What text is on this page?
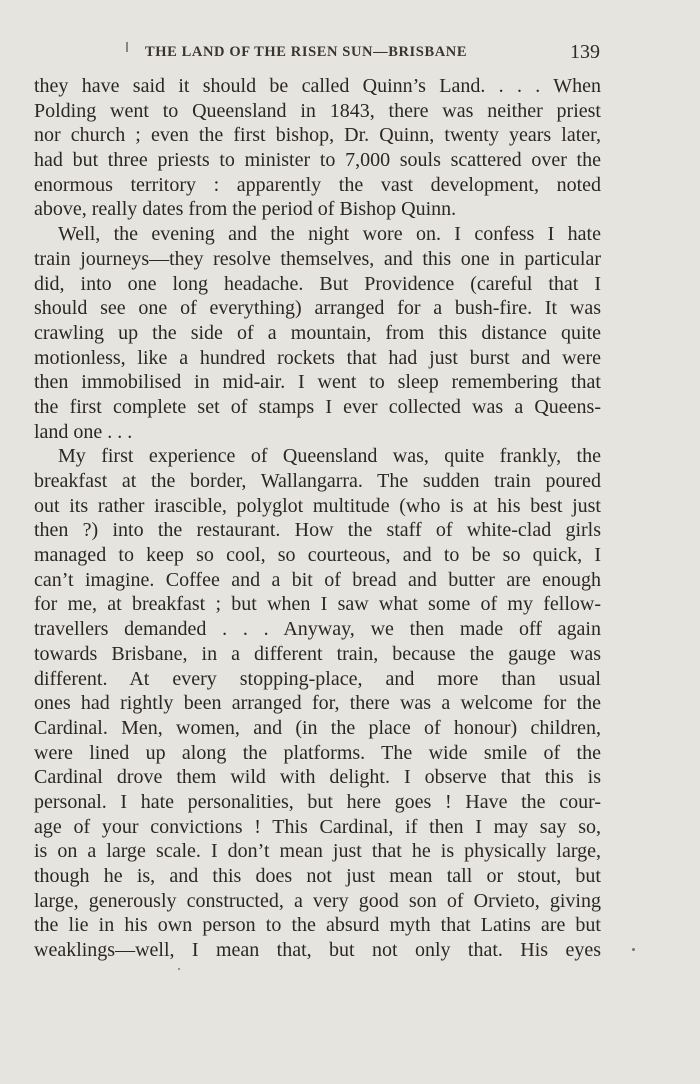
THE LAND OF THE RISEN SUN—BRISBANE	139
they have said it should be called Quinn’s Land. . . . When
Polding went to Queensland in 1843, there was neither priest
nor church ; even the first bishop, Dr. Quinn, twenty years later,
had but three priests to minister to 7,000 souls scattered over the
enormous territory : apparently the vast development, noted
above, really dates from the period of Bishop Quinn.
Well, the evening and the night wore on. I confess I hate
train journeys—they resolve themselves, and this one in particular
did, into one long headache. But Providence (careful that I
should see one of everything) arranged for a bush-fire. It was
crawling up the side of a mountain, from this distance quite
motionless, like a hundred rockets that had just burst and were
then immobilised in mid-air. I went to sleep remembering that
the first complete set of stamps I ever collected was a Queens-
land one . . .
My first experience of Queensland was, quite frankly, the
breakfast at the border, Wallangarra. The sudden train poured
out its rather irascible, polyglot multitude (who is at his best just
then ?) into the restaurant. How the staff of white-clad girls
managed to keep so cool, so courteous, and to be so quick, I
can’t imagine. Coffee and a bit of bread and butter are enough
for me, at breakfast ; but when I saw what some of my fellow-
travellers demanded . . . Anyway, we then made off again
towards Brisbane, in a different train, because the gauge was
different. At every stopping-place, and more than usual
ones had rightly been arranged for, there was a welcome for the
Cardinal. Men, women, and (in the place of honour) children,
were lined up along the platforms. The wide smile of the
Cardinal drove them wild with delight. I observe that this is
personal. I hate personalities, but here goes ! Have the cour-
age of your convictions ! This Cardinal, if then I may say so,
is on a large scale. I don’t mean just that he is physically large,
though he is, and this does not just mean tall or stout, but
large, generously constructed, a very good son of Orvieto, giving
the lie in his own person to the absurd myth that Latins are but
weaklings—well, I mean that, but not only that. His eyes
